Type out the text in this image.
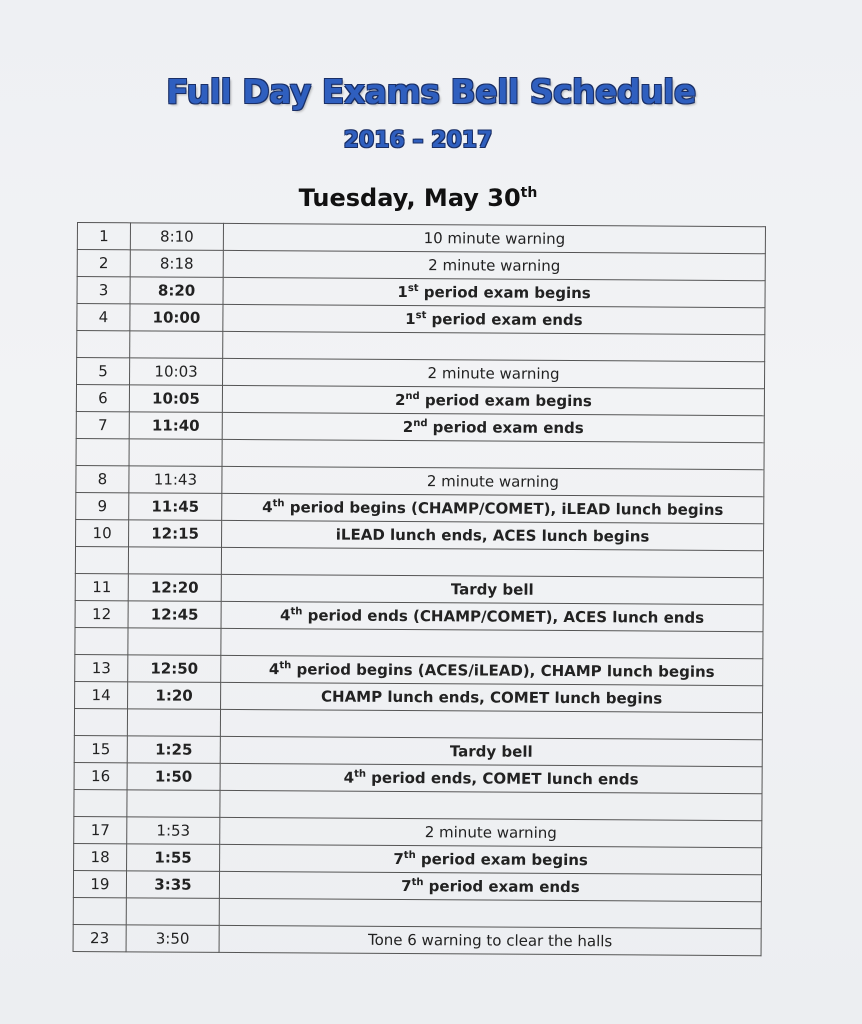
Full Day Exams Bell Schedule
2016 – 2017
Tuesday, May 30th
1	8:10	10 minute warning
2	8:18	2 minute warning
3	8:20	1st period exam begins
4	10:00	1st period exam ends

5	10:03	2 minute warning
6	10:05	2nd period exam begins
7	11:40	2nd period exam ends

8	11:43	2 minute warning
9	11:45	4th period begins (CHAMP/COMET), iLEAD lunch begins
10	12:15	iLEAD lunch ends, ACES lunch begins

11	12:20	Tardy bell
12	12:45	4th period ends (CHAMP/COMET), ACES lunch ends

13	12:50	4th period begins (ACES/iLEAD), CHAMP lunch begins
14	1:20	CHAMP lunch ends, COMET lunch begins

15	1:25	Tardy bell
16	1:50	4th period ends, COMET lunch ends

17	1:53	2 minute warning
18	1:55	7th period exam begins
19	3:35	7th period exam ends

23	3:50	Tone 6 warning to clear the halls
